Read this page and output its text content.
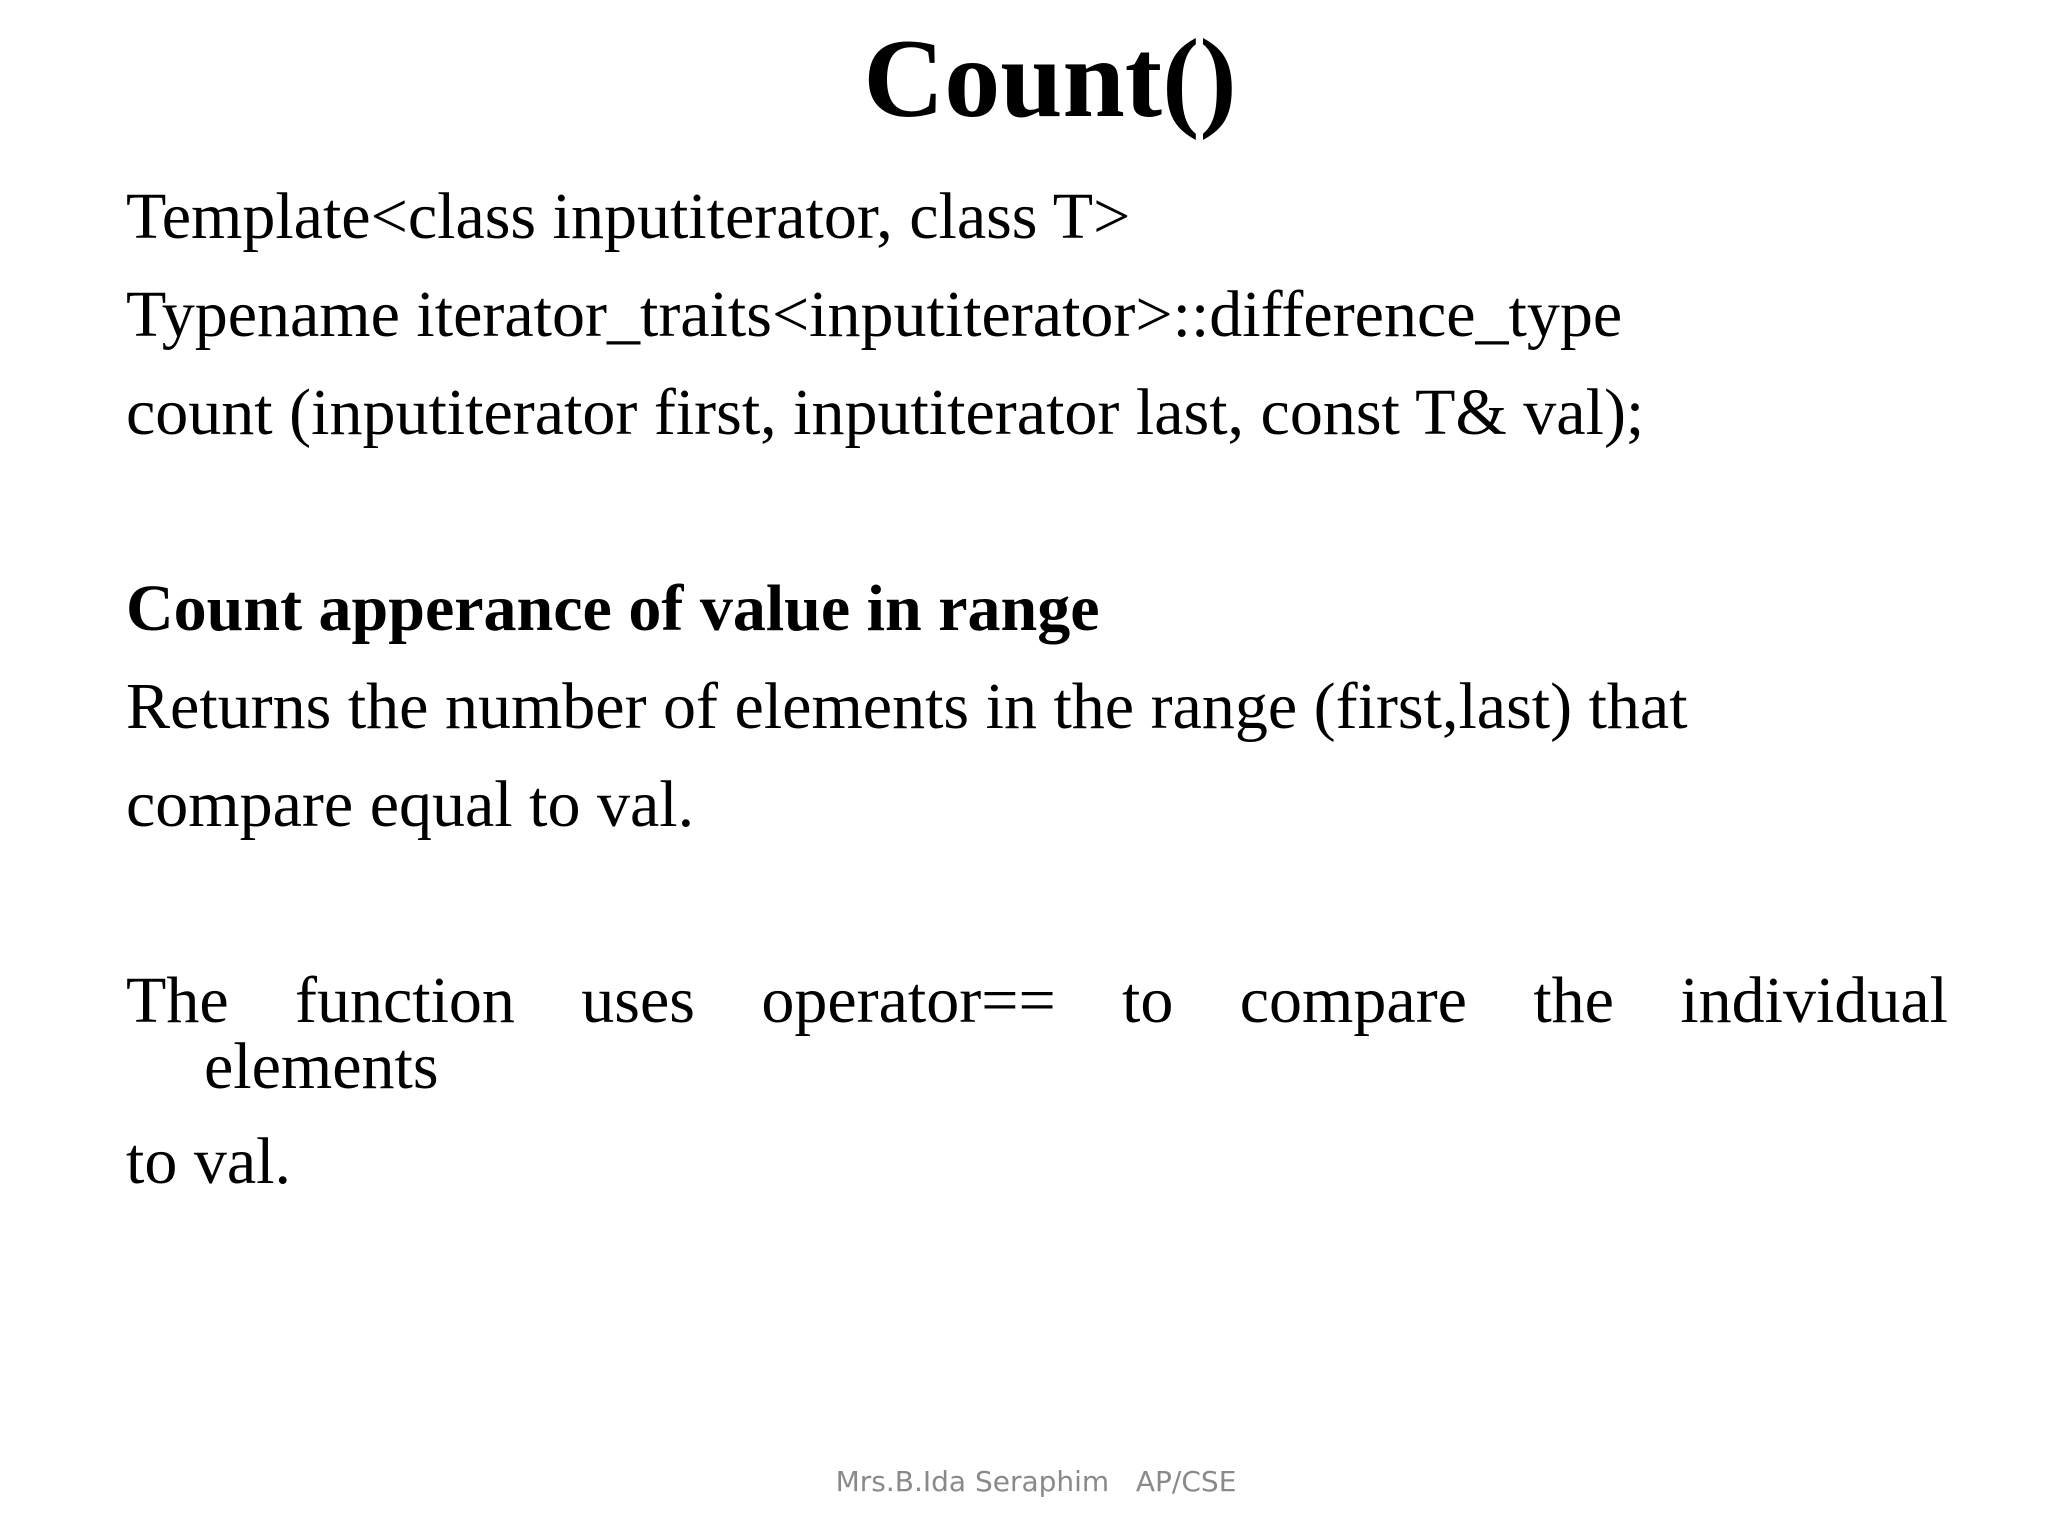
Count()
Template<class inputiterator, class T>
Typename iterator_traits<inputiterator>::difference_type
count (inputiterator first, inputiterator last, const T& val);
Count apperance of value in range
Returns the number of elements in the range (first,last) that
compare equal to val.
The function uses operator== to compare the individual
elements
to val.
Mrs.B.Ida Seraphim   AP/CSE
